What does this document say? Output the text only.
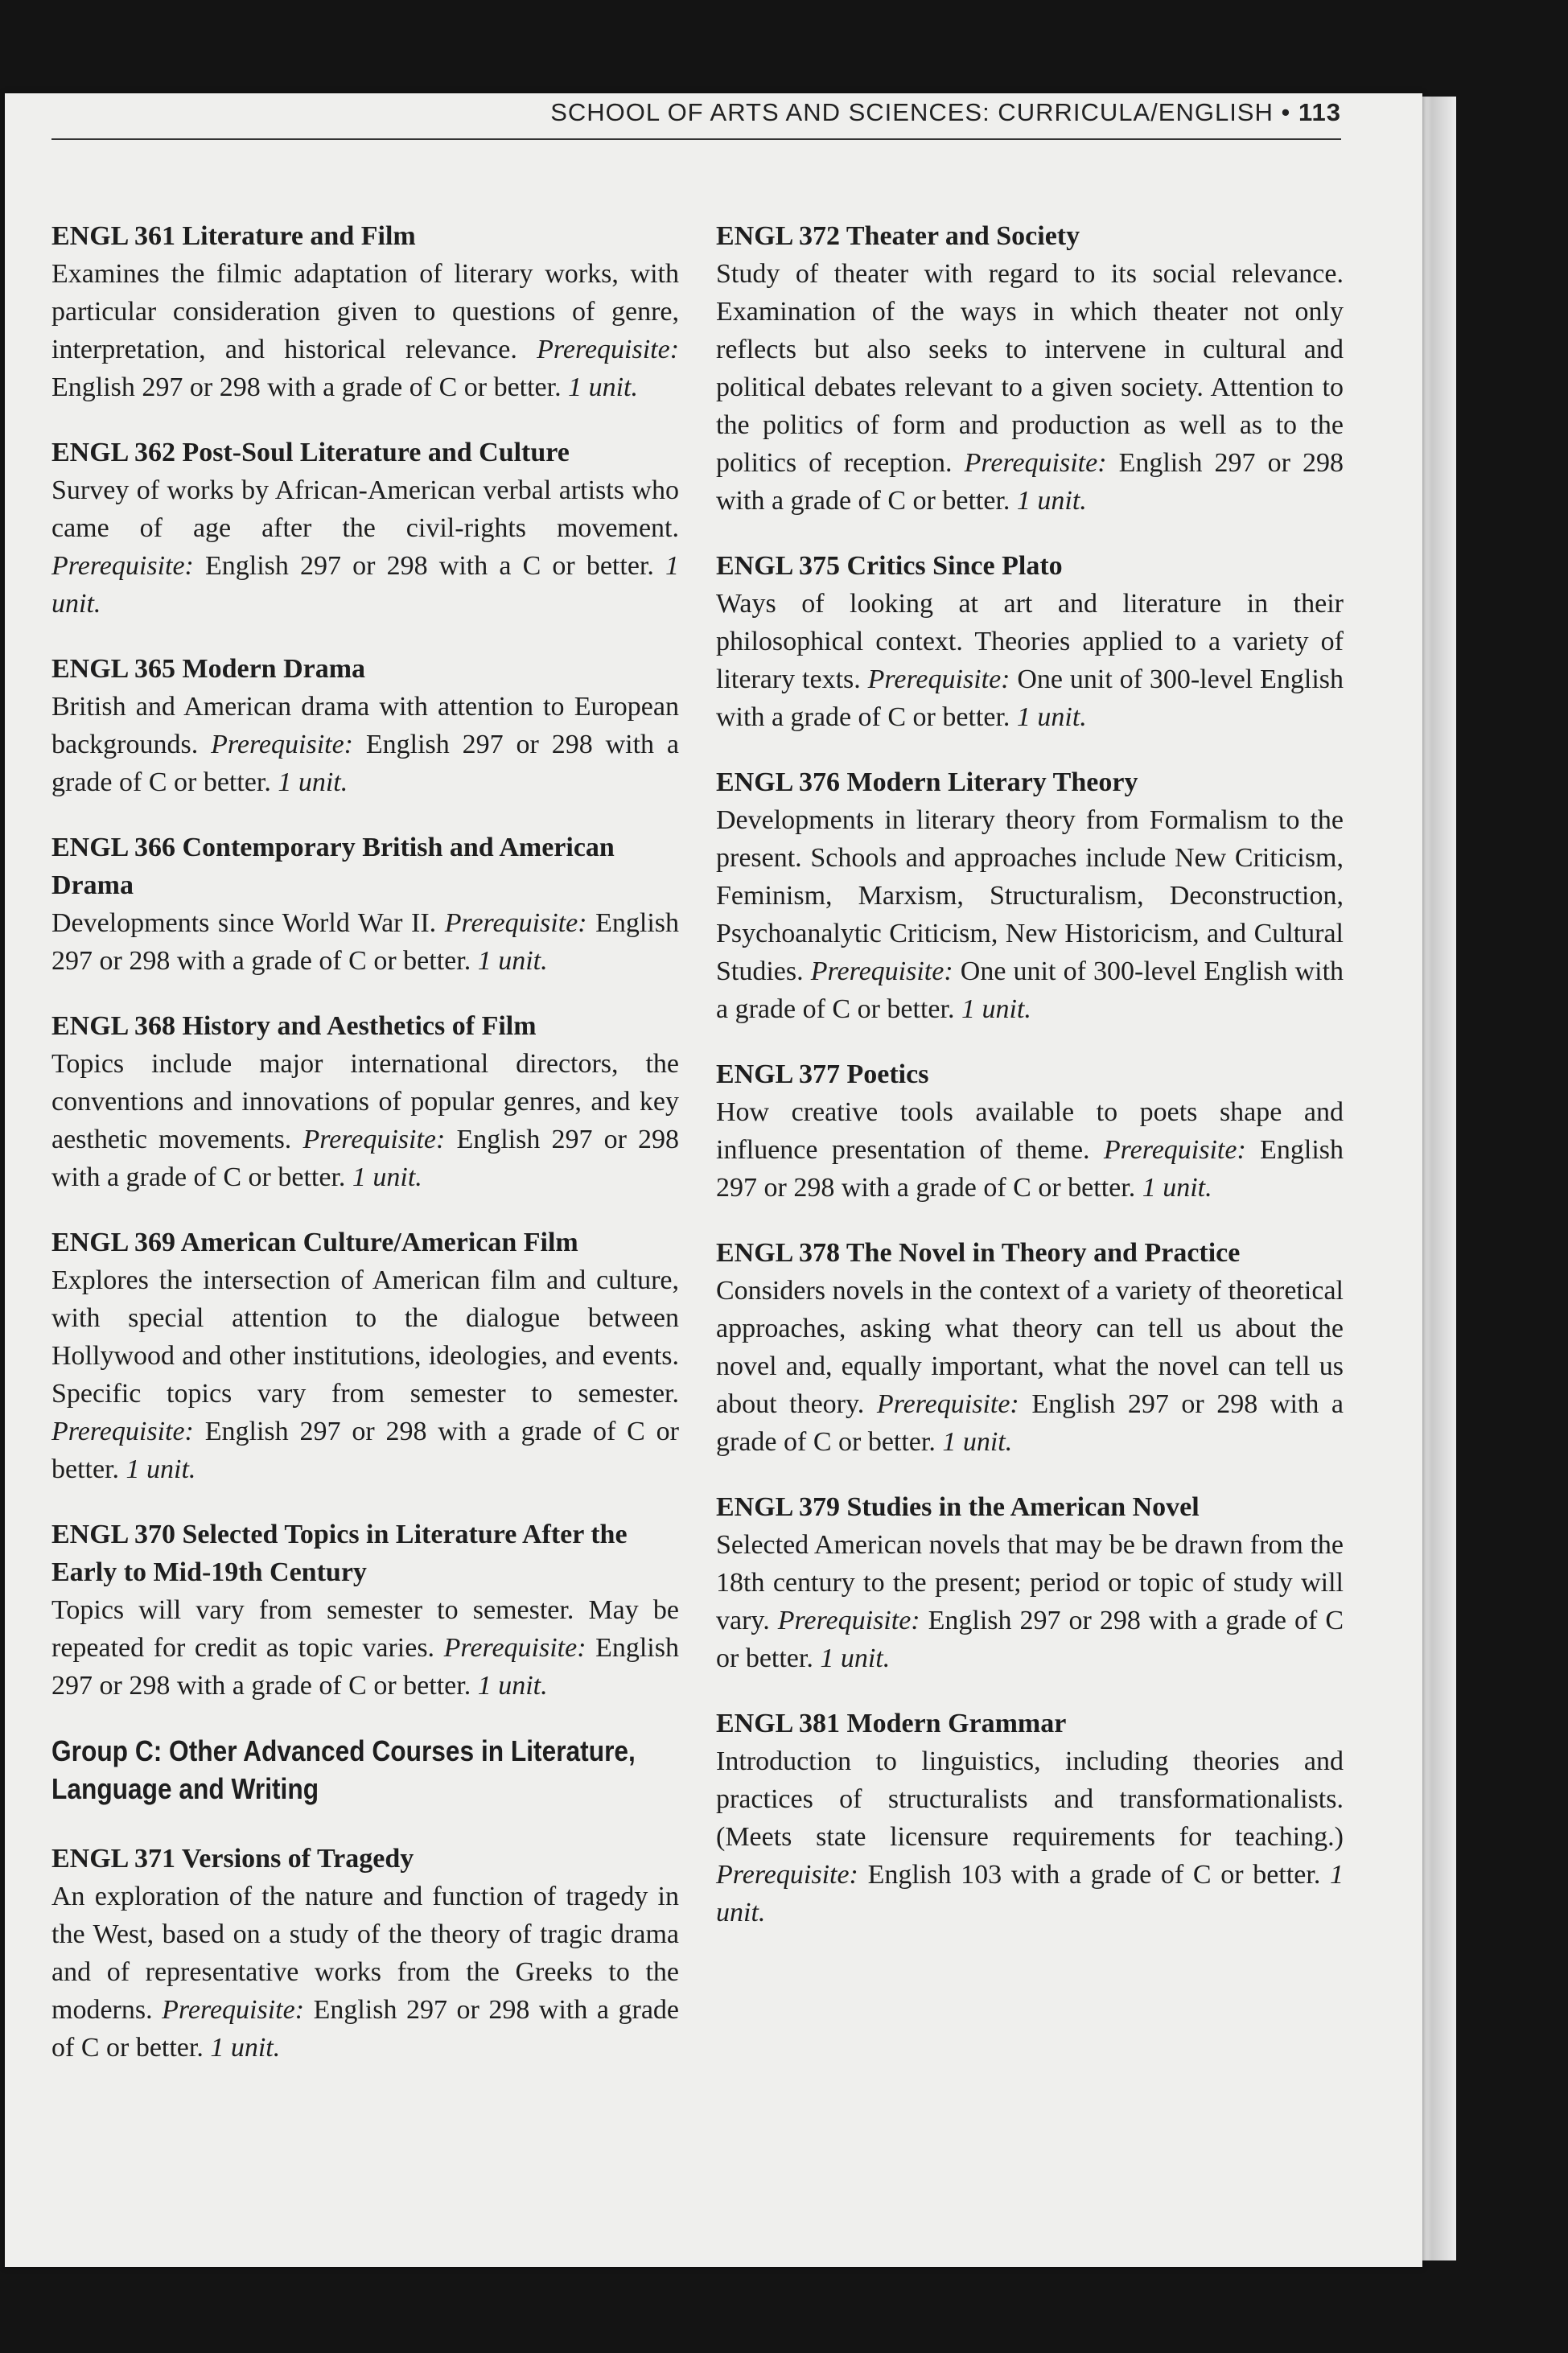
SCHOOL OF ARTS AND SCIENCES: CURRICULA/ENGLISH • 113
ENGL 361 Literature and Film

Examines the filmic adaptation of literary works, with particular consideration given to questions of genre, interpretation, and historical relevance. Prerequisite: English 297 or 298 with a grade of C or better. 1 unit.

ENGL 362 Post-Soul Literature and Culture

Survey of works by African-American verbal artists who came of age after the civil-rights movement. Prerequisite: English 297 or 298 with a C or better. 1 unit.

ENGL 365 Modern Drama

British and American drama with attention to European backgrounds. Prerequisite: English 297 or 298 with a grade of C or better. 1 unit.

ENGL 366 Contemporary British and American Drama

Developments since World War II. Prerequisite: English 297 or 298 with a grade of C or better. 1 unit.

ENGL 368 History and Aesthetics of Film

Topics include major international directors, the conventions and innovations of popular genres, and key aesthetic movements. Prerequisite: English 297 or 298 with a grade of C or better. 1 unit.

ENGL 369 American Culture/American Film

Explores the intersection of American film and culture, with special attention to the dialogue between Hollywood and other institutions, ideologies, and events. Specific topics vary from semester to semester. Prerequisite: English 297 or 298 with a grade of C or better. 1 unit.

ENGL 370 Selected Topics in Literature After the Early to Mid-19th Century

Topics will vary from semester to semester. May be repeated for credit as topic varies. Prerequisite: English 297 or 298 with a grade of C or better. 1 unit.

Group C: Other Advanced Courses in Literature, Language and Writing
ENGL 371 Versions of Tragedy

An exploration of the nature and function of tragedy in the West, based on a study of the theory of tragic drama and of representative works from the Greeks to the moderns. Prerequisite: English 297 or 298 with a grade of C or better. 1 unit.

ENGL 372 Theater and Society

Study of theater with regard to its social relevance. Examination of the ways in which theater not only reflects but also seeks to intervene in cultural and political debates relevant to a given society. Attention to the politics of form and production as well as to the politics of reception. Prerequisite: English 297 or 298 with a grade of C or better. 1 unit.

ENGL 375 Critics Since Plato

Ways of looking at art and literature in their philosophical context. Theories applied to a variety of literary texts. Prerequisite: One unit of 300-level English with a grade of C or better. 1 unit.

ENGL 376 Modern Literary Theory

Developments in literary theory from Formalism to the present. Schools and approaches include New Criticism, Feminism, Marxism, Structuralism, Deconstruction, Psychoanalytic Criticism, New Historicism, and Cultural Studies. Prerequisite: One unit of 300-level English with a grade of C or better. 1 unit.

ENGL 377 Poetics

How creative tools available to poets shape and influence presentation of theme. Prerequisite: English 297 or 298 with a grade of C or better. 1 unit.

ENGL 378 The Novel in Theory and Practice

Considers novels in the context of a variety of theoretical approaches, asking what theory can tell us about the novel and, equally important, what the novel can tell us about theory. Prerequisite: English 297 or 298 with a grade of C or better. 1 unit.

ENGL 379 Studies in the American Novel

Selected American novels that may be be drawn from the 18th century to the present; period or topic of study will vary. Prerequisite: English 297 or 298 with a grade of C or better. 1 unit.

ENGL 381 Modern Grammar

Introduction to linguistics, including theories and practices of structuralists and transformationalists. (Meets state licensure requirements for teaching.) Prerequisite: English 103 with a grade of C or better. 1 unit.
